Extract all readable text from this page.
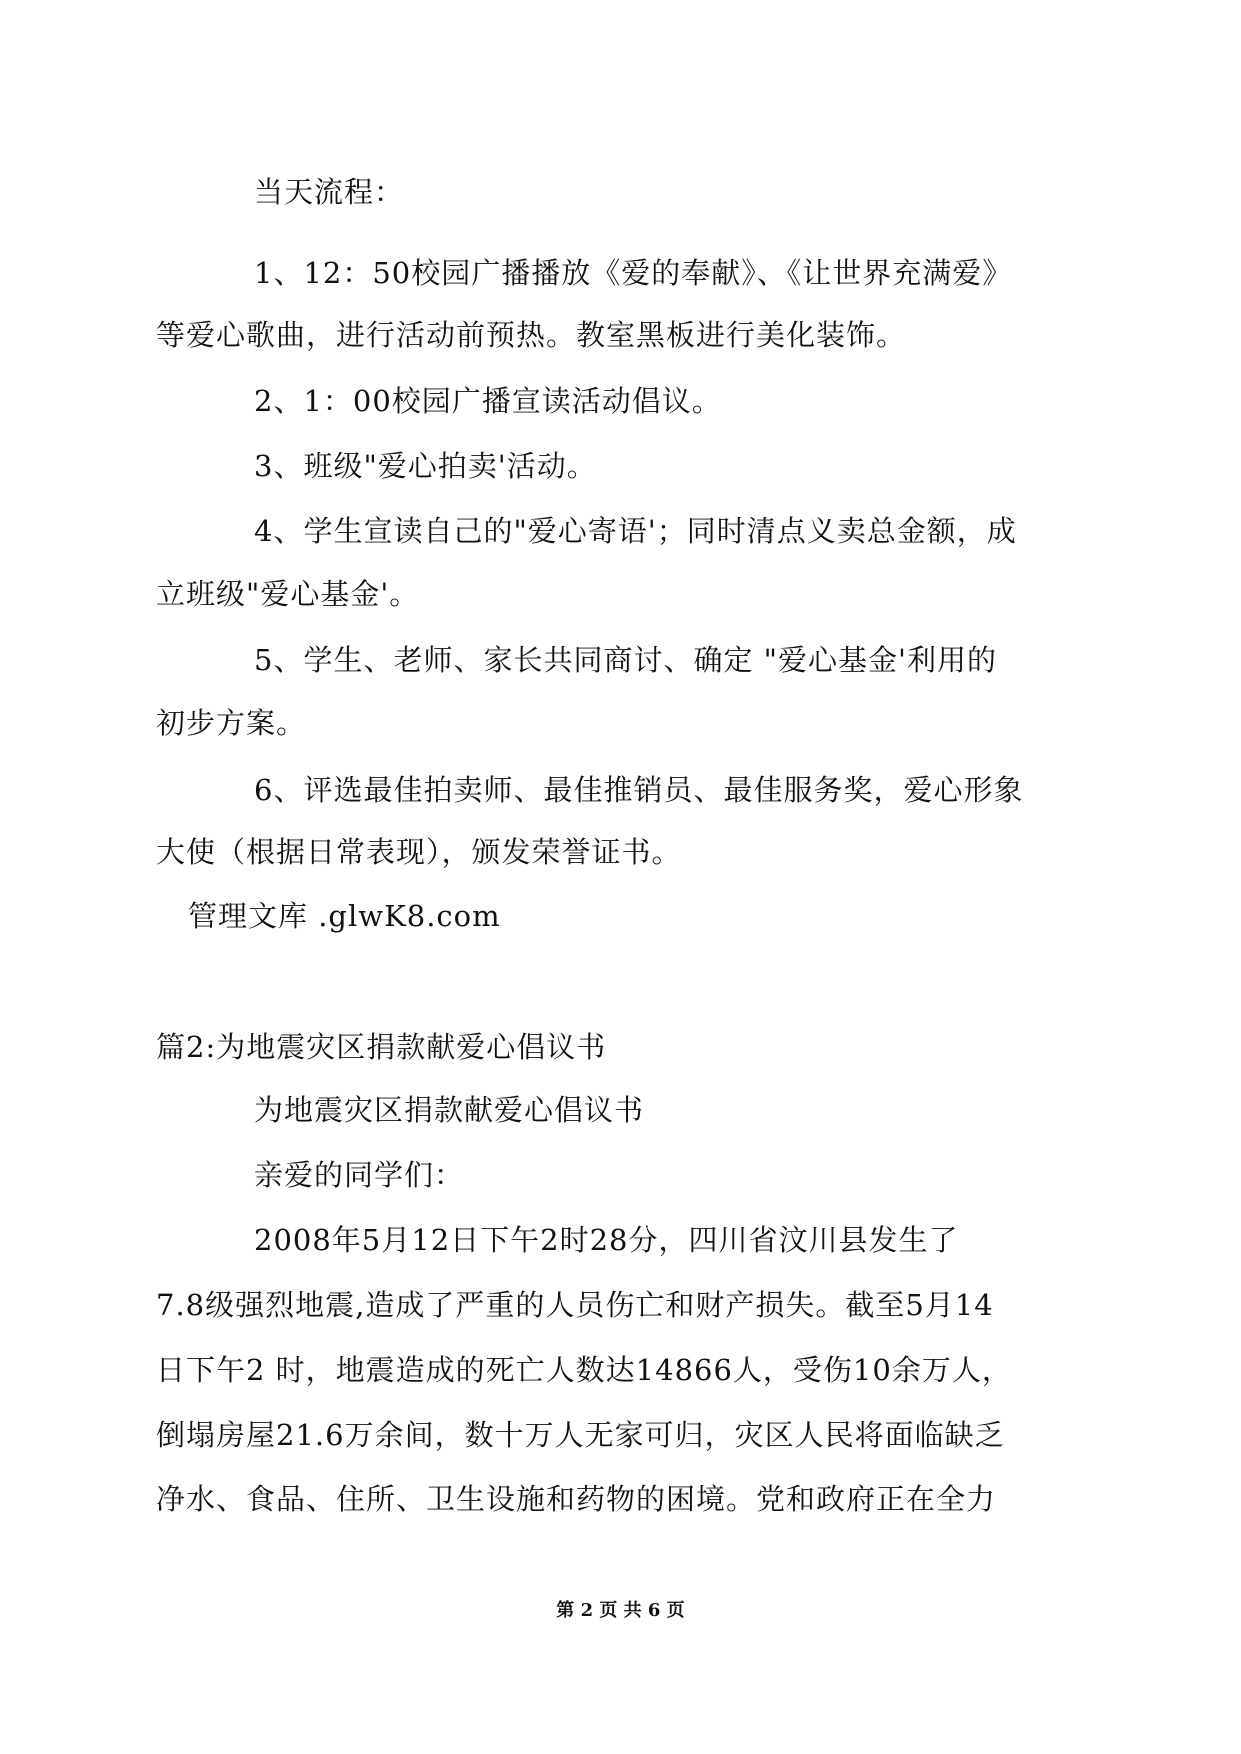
当天流程：
1、12：50校园广播播放《爱的奉献》、《让世界充满爱》
等爱心歌曲，进行活动前预热。教室黑板进行美化装饰。
2、1：00校园广播宣读活动倡议。
3、班级"爱心拍卖'活动。
4、学生宣读自己的"爱心寄语'；同时清点义卖总金额，成
立班级"爱心基金'。
5、学生、老师、家长共同商讨、确定 "爱心基金'利用的
初步方案。
6、评选最佳拍卖师、最佳推销员、最佳服务奖，爱心形象
大使（根据日常表现），颁发荣誉证书。
管理文库 .glwK8.com
篇2:为地震灾区捐款献爱心倡议书
为地震灾区捐款献爱心倡议书
亲爱的同学们：
2008年5月12日下午2时28分，四川省汶川县发生了
7.8级强烈地震,造成了严重的人员伤亡和财产损失。截至5月14
日下午2 时，地震造成的死亡人数达14866人，受伤10余万人，
倒塌房屋21.6万余间，数十万人无家可归，灾区人民将面临缺乏
净水、食品、住所、卫生设施和药物的困境。党和政府正在全力
第 2 页 共 6 页
